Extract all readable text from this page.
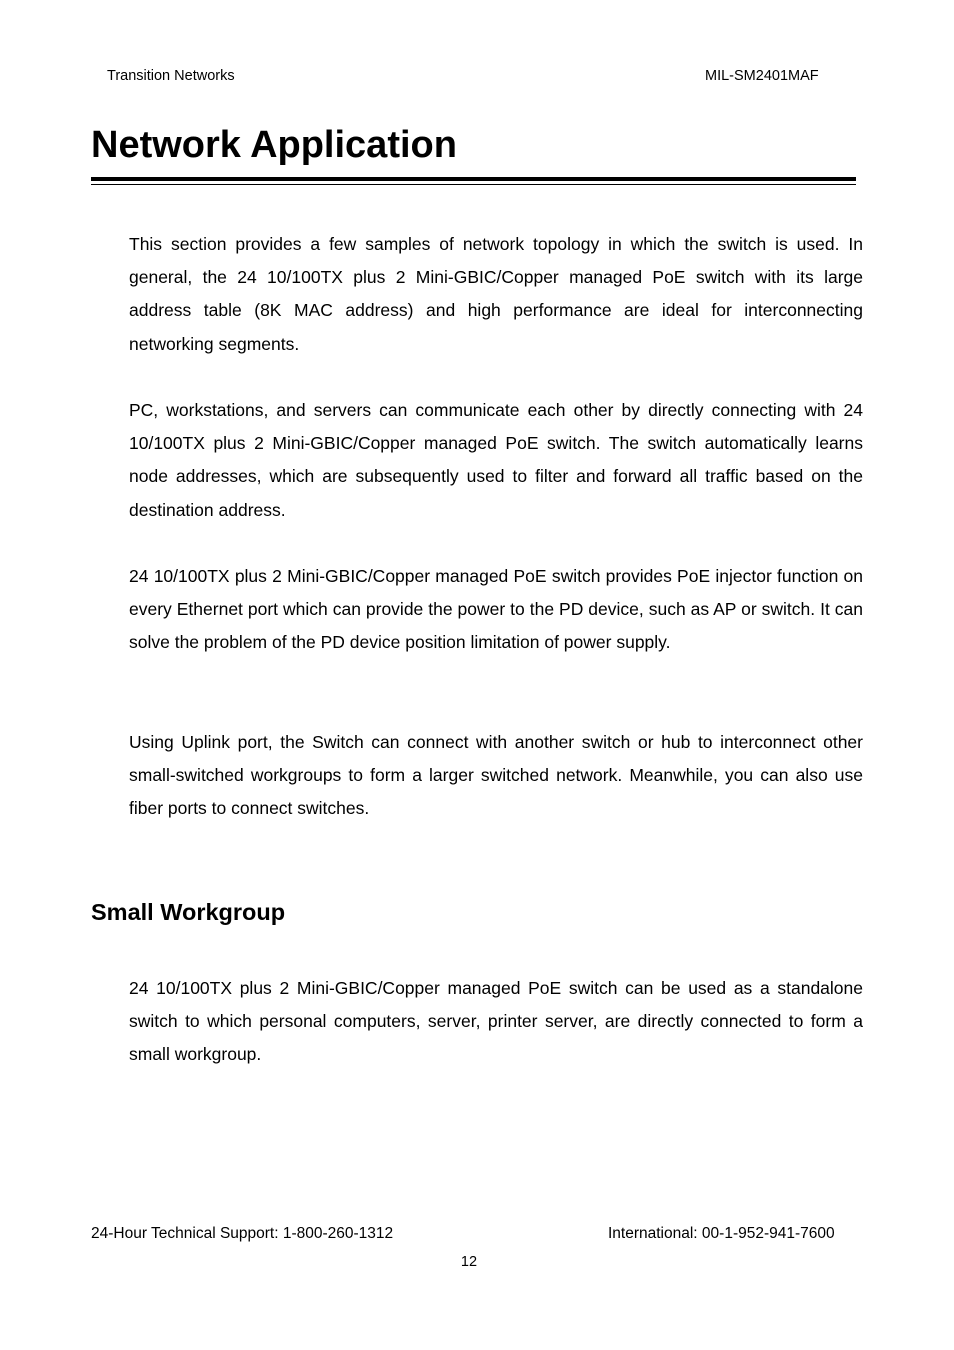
Transition Networks	MIL-SM2401MAF
Network Application

This section provides a few samples of network topology in which the switch is used. In general, the 24 10/100TX plus 2 Mini-GBIC/Copper managed PoE switch with its large address table (8K MAC address) and high performance are ideal for interconnecting networking segments.

PC, workstations, and servers can communicate each other by directly connecting with 24 10/100TX plus 2 Mini-GBIC/Copper managed PoE switch. The switch automatically learns node addresses, which are subsequently used to filter and forward all traffic based on the destination address.

24 10/100TX plus 2 Mini-GBIC/Copper managed PoE switch provides PoE injector function on every Ethernet port which can provide the power to the PD device, such as AP or switch. It can solve the problem of the PD device position limitation of power supply.

Using Uplink port, the Switch can connect with another switch or hub to interconnect other small-switched workgroups to form a larger switched network. Meanwhile, you can also use fiber ports to connect switches.

Small Workgroup

24 10/100TX plus 2 Mini-GBIC/Copper managed PoE switch can be used as a standalone switch to which personal computers, server, printer server, are directly connected to form a small workgroup.

24-Hour Technical Support: 1-800-260-1312	International: 00-1-952-941-7600
12
